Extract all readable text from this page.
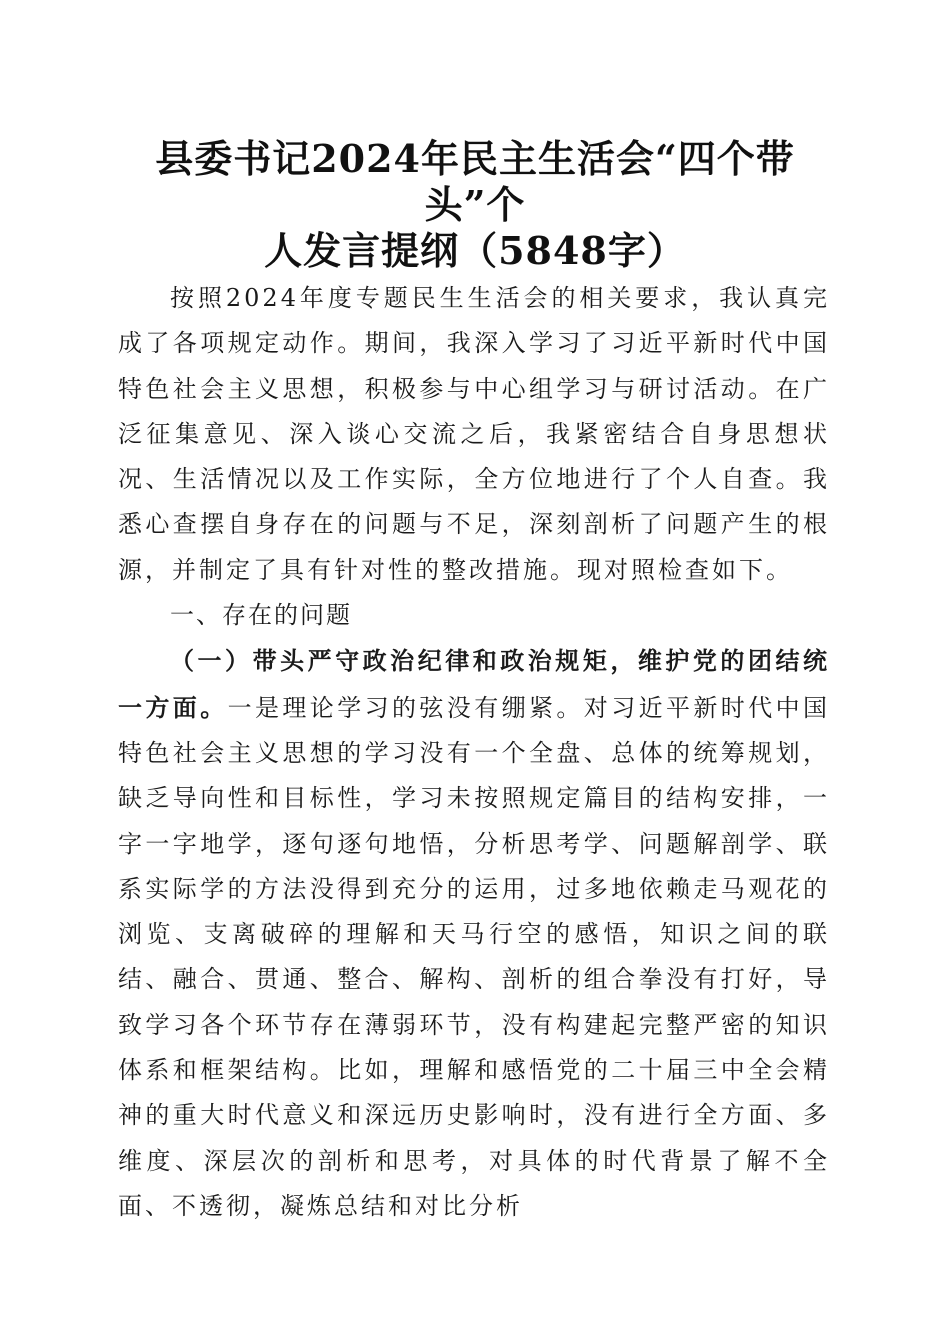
县委书记2024年民主生活会“四个带头”个
人发言提纲（5848字）

按照2024年度专题民生生活会的相关要求，我认真完成了各项规定动作。期间，我深入学习了习近平新时代中国特色社会主义思想，积极参与中心组学习与研讨活动。在广泛征集意见、深入谈心交流之后，我紧密结合自身思想状况、生活情况以及工作实际，全方位地进行了个人自查。我悉心查摆自身存在的问题与不足，深刻剖析了问题产生的根源，并制定了具有针对性的整改措施。现对照检查如下。

一、存在的问题

（一）带头严守政治纪律和政治规矩，维护党的团结统一方面。一是理论学习的弦没有绷紧。对习近平新时代中国特色社会主义思想的学习没有一个全盘、总体的统筹规划，缺乏导向性和目标性，学习未按照规定篇目的结构安排，一字一字地学，逐句逐句地悟，分析思考学、问题解剖学、联系实际学的方法没得到充分的运用，过多地依赖走马观花的浏览、支离破碎的理解和天马行空的感悟，知识之间的联结、融合、贯通、整合、解构、剖析的组合拳没有打好，导致学习各个环节存在薄弱环节，没有构建起完整严密的知识体系和框架结构。比如，理解和感悟党的二十届三中全会精神的重大时代意义和深远历史影响时，没有进行全方面、多维度、深层次的剖析和思考，对具体的时代背景了解不全面、不透彻，凝炼总结和对比分析
